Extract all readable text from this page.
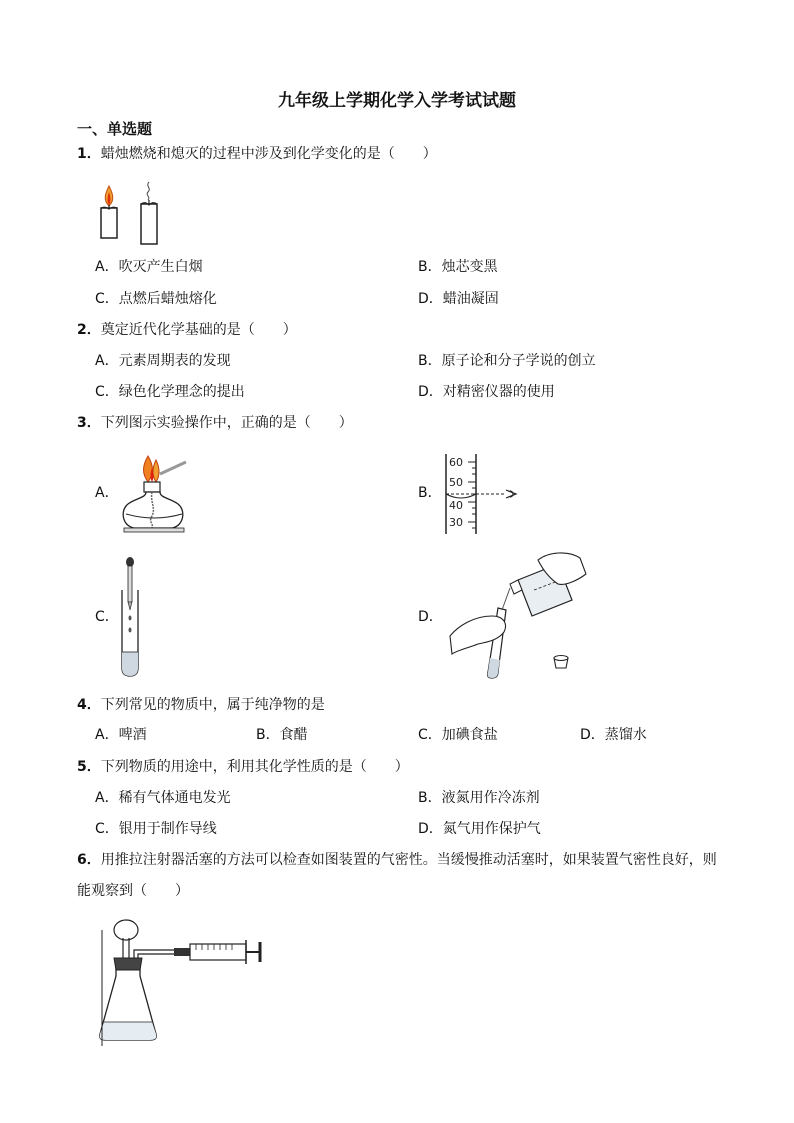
九年级上学期化学入学考试试题
一、单选题
1．蜡烛燃烧和熄灭的过程中涉及到化学变化的是（　　）
A．吹灭产生白烟	B．烛芯变黑
C．点燃后蜡烛熔化	D．蜡油凝固
2．奠定近代化学基础的是（　　）
A．元素周期表的发现	B．原子论和分子学说的创立
C．绿色化学理念的提出	D．对精密仪器的使用
3．下列图示实验操作中，正确的是（　　）
A．	B．
60
50
40
30
C．	D．
4．下列常见的物质中，属于纯净物的是
A．啤酒	B．食醋	C．加碘食盐	D．蒸馏水
5．下列物质的用途中，利用其化学性质的是（　　）
A．稀有气体通电发光	B．液氮用作冷冻剂
C．银用于制作导线	D．氮气用作保护气
6．用推拉注射器活塞的方法可以检查如图装置的气密性。当缓慢推动活塞时，如果装置气密性良好，则
能观察到（　　）
